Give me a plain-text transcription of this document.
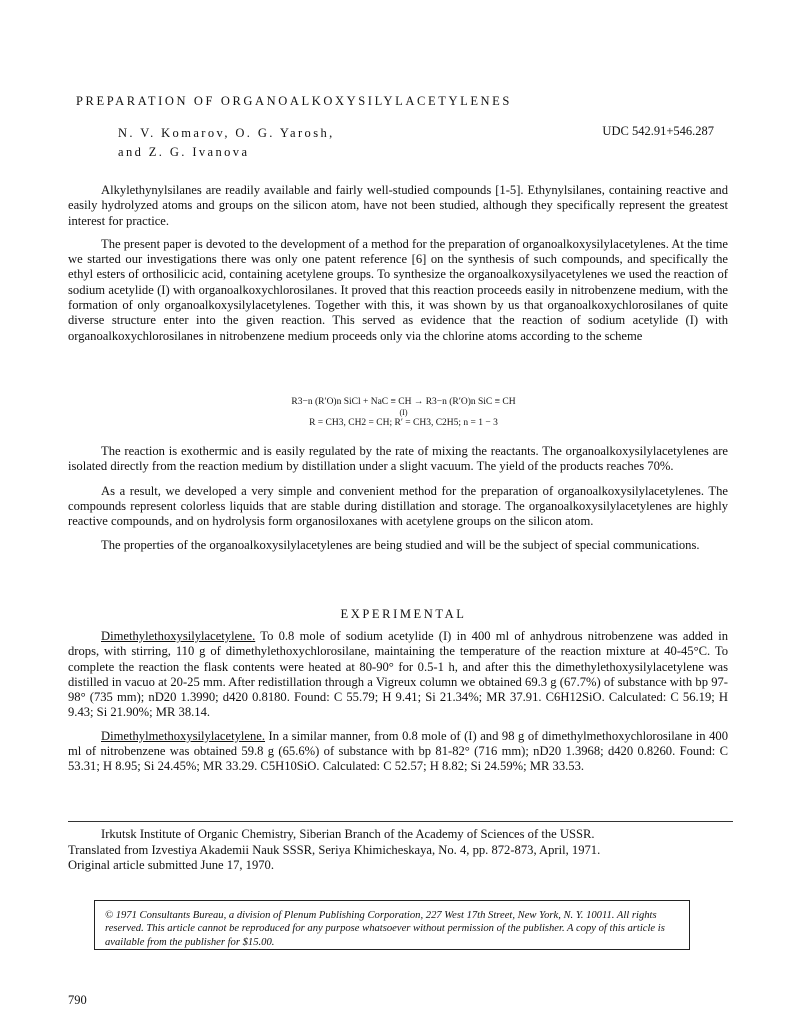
PREPARATION OF ORGANOALKOXYSILYLACETYLENES
N. V. Komarov, O. G. Yarosh,
and Z. G. Ivanova
UDC 542.91+546.287

Alkylethynylsilanes are readily available and fairly well-studied compounds [1-5]. Ethynylsilanes, containing reactive and easily hydrolyzed atoms and groups on the silicon atom, have not been studied, although they specifically represent the greatest interest for practice.

The present paper is devoted to the development of a method for the preparation of organoalkoxysilylacetylenes. At the time we started our investigations there was only one patent reference [6] on the synthesis of such compounds, and specifically the ethyl esters of orthosilicic acid, containing acetylene groups. To synthesize the organoalkoxysilyacetylenes we used the reaction of sodium acetylide (I) with organoalkoxychlorosilanes. It proved that this reaction proceeds easily in nitrobenzene medium, with the formation of only organoalkoxysilylacetylenes. Together with this, it was shown by us that organoalkoxychlorosilanes of quite diverse structure enter into the given reaction. This served as evidence that the reaction of sodium acetylide (I) with organoalkoxychlorosilanes in nitrobenzene medium proceeds only via the chlorine atoms according to the scheme

R3−n (R′O)n SiCl + NaC ≡ CH → R3−n (R′O)n SiC ≡ CH
(I)
R = CH3, CH2 = CH; R′ = CH3, C2H5; n = 1 − 3

The reaction is exothermic and is easily regulated by the rate of mixing the reactants. The organoalkoxysilylacetylenes are isolated directly from the reaction medium by distillation under a slight vacuum. The yield of the products reaches 70%.

As a result, we developed a very simple and convenient method for the preparation of organoalkoxysilylacetylenes. The compounds represent colorless liquids that are stable during distillation and storage. The organoalkoxysilylacetylenes are highly reactive compounds, and on hydrolysis form organosiloxanes with acetylene groups on the silicon atom.

The properties of the organoalkoxysilylacetylenes are being studied and will be the subject of special communications.

EXPERIMENTAL

Dimethylethoxysilylacetylene. To 0.8 mole of sodium acetylide (I) in 400 ml of anhydrous nitrobenzene was added in drops, with stirring, 110 g of dimethylethoxychlorosilane, maintaining the temperature of the reaction mixture at 40-45°C. To complete the reaction the flask contents were heated at 80-90° for 0.5-1 h, and after this the dimethylethoxysilylacetylene was distilled in vacuo at 20-25 mm. After redistillation through a Vigreux column we obtained 69.3 g (67.7%) of substance with bp 97-98° (735 mm); nD20 1.3990; d420 0.8180. Found: C 55.79; H 9.41; Si 21.34%; MR 37.91. C6H12SiO. Calculated: C 56.19; H 9.43; Si 21.90%; MR 38.14.

Dimethylmethoxysilylacetylene. In a similar manner, from 0.8 mole of (I) and 98 g of dimethylmethoxychlorosilane in 400 ml of nitrobenzene was obtained 59.8 g (65.6%) of substance with bp 81-82° (716 mm); nD20 1.3968; d420 0.8260. Found: C 53.31; H 8.95; Si 24.45%; MR 33.29. C5H10SiO. Calculated: C 52.57; H 8.82; Si 24.59%; MR 33.53.

Irkutsk Institute of Organic Chemistry, Siberian Branch of the Academy of Sciences of the USSR.

Translated from Izvestiya Akademii Nauk SSSR, Seriya Khimicheskaya, No. 4, pp. 872-873, April, 1971.

Original article submitted June 17, 1970.

© 1971 Consultants Bureau, a division of Plenum Publishing Corporation, 227 West 17th Street, New York, N. Y. 10011. All rights reserved. This article cannot be reproduced for any purpose whatsoever without permission of the publisher. A copy of this article is available from the publisher for $15.00.
790
